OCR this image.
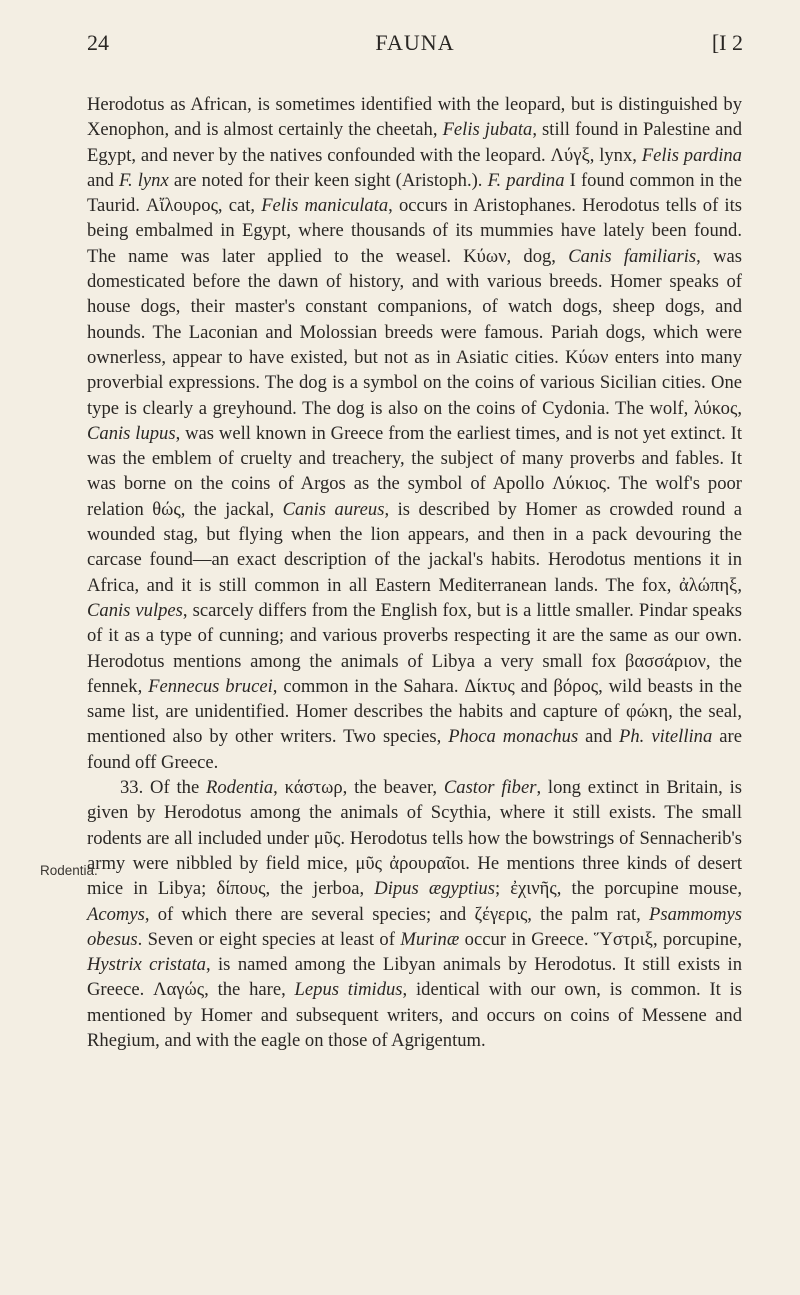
24	FAUNA	[I 2
Rodentia.

Herodotus as African, is sometimes identified with the leopard, but is distinguished by Xenophon, and is almost certainly the cheetah, Felis jubata, still found in Palestine and Egypt, and never by the natives confounded with the leopard. Λύγξ, lynx, Felis pardina and F. lynx are noted for their keen sight (Aristoph.). F. pardina I found common in the Taurid. Αἴλουρος, cat, Felis maniculata, occurs in Aristophanes. Herodotus tells of its being embalmed in Egypt, where thousands of its mummies have lately been found. The name was later applied to the weasel. Κύων, dog, Canis familiaris, was domesticated before the dawn of history, and with various breeds. Homer speaks of house dogs, their master's constant companions, of watch dogs, sheep dogs, and hounds. The Laconian and Molossian breeds were famous. Pariah dogs, which were ownerless, appear to have existed, but not as in Asiatic cities. Κύων enters into many proverbial expressions. The dog is a symbol on the coins of various Sicilian cities. One type is clearly a greyhound. The dog is also on the coins of Cydonia. The wolf, λύκος, Canis lupus, was well known in Greece from the earliest times, and is not yet extinct. It was the emblem of cruelty and treachery, the subject of many proverbs and fables. It was borne on the coins of Argos as the symbol of Apollo Λύκιος. The wolf's poor relation θώς, the jackal, Canis aureus, is described by Homer as crowded round a wounded stag, but flying when the lion appears, and then in a pack devouring the carcase found—an exact description of the jackal's habits. Herodotus mentions it in Africa, and it is still common in all Eastern Mediterranean lands. The fox, ἀλώπηξ, Canis vulpes, scarcely differs from the English fox, but is a little smaller. Pindar speaks of it as a type of cunning; and various proverbs respecting it are the same as our own. Herodotus mentions among the animals of Libya a very small fox βασσάριον, the fennek, Fennecus brucei, common in the Sahara. Δίκτυς and βόρος, wild beasts in the same list, are unidentified. Homer describes the habits and capture of φώκη, the seal, mentioned also by other writers. Two species, Phoca monachus and Ph. vitellina are found off Greece.

33. Of the Rodentia, κάστωρ, the beaver, Castor fiber, long extinct in Britain, is given by Herodotus among the animals of Scythia, where it still exists. The small rodents are all included under μῦς. Herodotus tells how the bowstrings of Sennacherib's army were nibbled by field mice, μῦς ἀρουραῖοι. He mentions three kinds of desert mice in Libya; δίπους, the jerboa, Dipus ægyptius; ἐχινῆς, the porcupine mouse, Acomys, of which there are several species; and ζέγερις, the palm rat, Psammomys obesus. Seven or eight species at least of Murinæ occur in Greece. Ὕστριξ, porcupine, Hystrix cristata, is named among the Libyan animals by Herodotus. It still exists in Greece. Λαγώς, the hare, Lepus timidus, identical with our own, is common. It is mentioned by Homer and subsequent writers, and occurs on coins of Messene and Rhegium, and with the eagle on those of Agrigentum.
